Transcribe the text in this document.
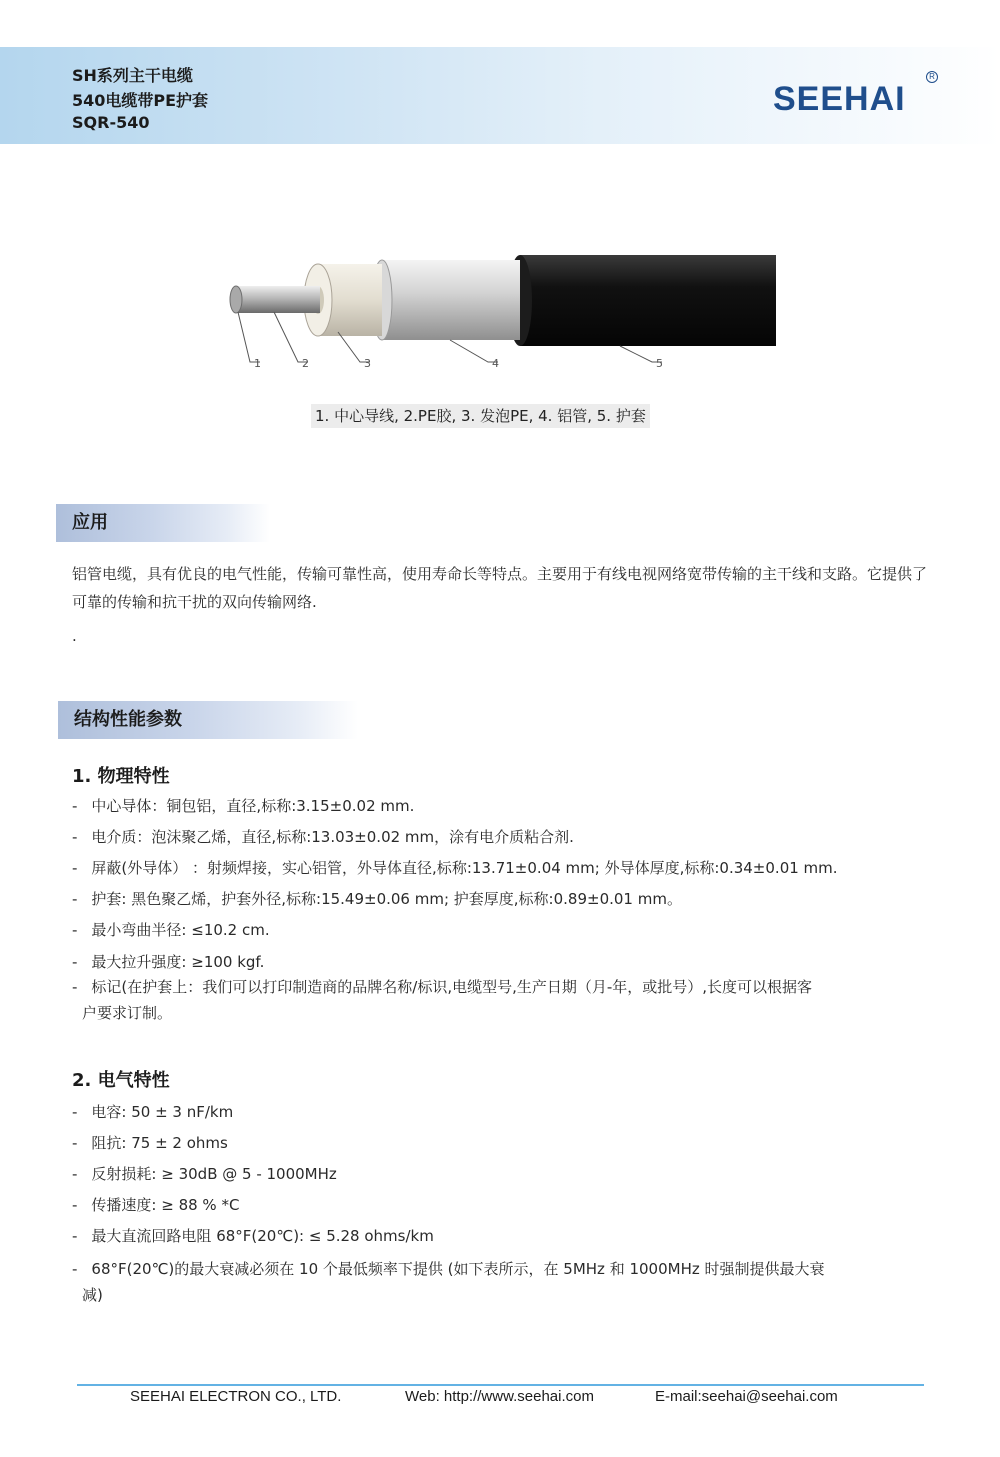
SH系列主干电缆
540电缆带PE护套
SQR-540
SEEHAI
R
1	2	3	4	5
1. 中心导线, 2.PE胶, 3. 发泡PE, 4. 铝管, 5. 护套
应用
铝管电缆，具有优良的电气性能，传输可靠性高，使用寿命长等特点。主要用于有线电视网络宽带传输的主干线和支路。它提供了可靠的传输和抗干扰的双向传输网络.
.
结构性能参数
1. 物理特性
- 中心导体：铜包铝，直径,标称:3.15±0.02 mm.
- 电介质：泡沫聚乙烯，直径,标称:13.03±0.02 mm，涂有电介质粘合剂.
- 屏蔽(外导体） ：射频焊接，实心铝管，外导体直径,标称:13.71±0.04 mm; 外导体厚度,标称:0.34±0.01 mm.
- 护套: 黑色聚乙烯，护套外径,标称:15.49±0.06 mm; 护套厚度,标称:0.89±0.01 mm。
- 最小弯曲半径: ≤10.2 cm.
- 最大拉升强度: ≥100 kgf.
- 标记(在护套上：我们可以打印制造商的品牌名称/标识,电缆型号,生产日期（月-年，或批号）,长度可以根据客
户要求订制。
2. 电气特性
- 电容: 50 ± 3 nF/km
- 阻抗: 75 ± 2 ohms
- 反射损耗: ≥ 30dB @ 5 - 1000MHz
- 传播速度: ≥ 88 % *C
- 最大直流回路电阻 68°F(20℃): ≤ 5.28 ohms/km
- 68°F(20℃)的最大衰减必须在 10 个最低频率下提供 (如下表所示，在 5MHz 和 1000MHz 时强制提供最大衰
减)
SEEHAI ELECTRON CO., LTD.	Web: http://www.seehai.com	E-mail:seehai@seehai.com
